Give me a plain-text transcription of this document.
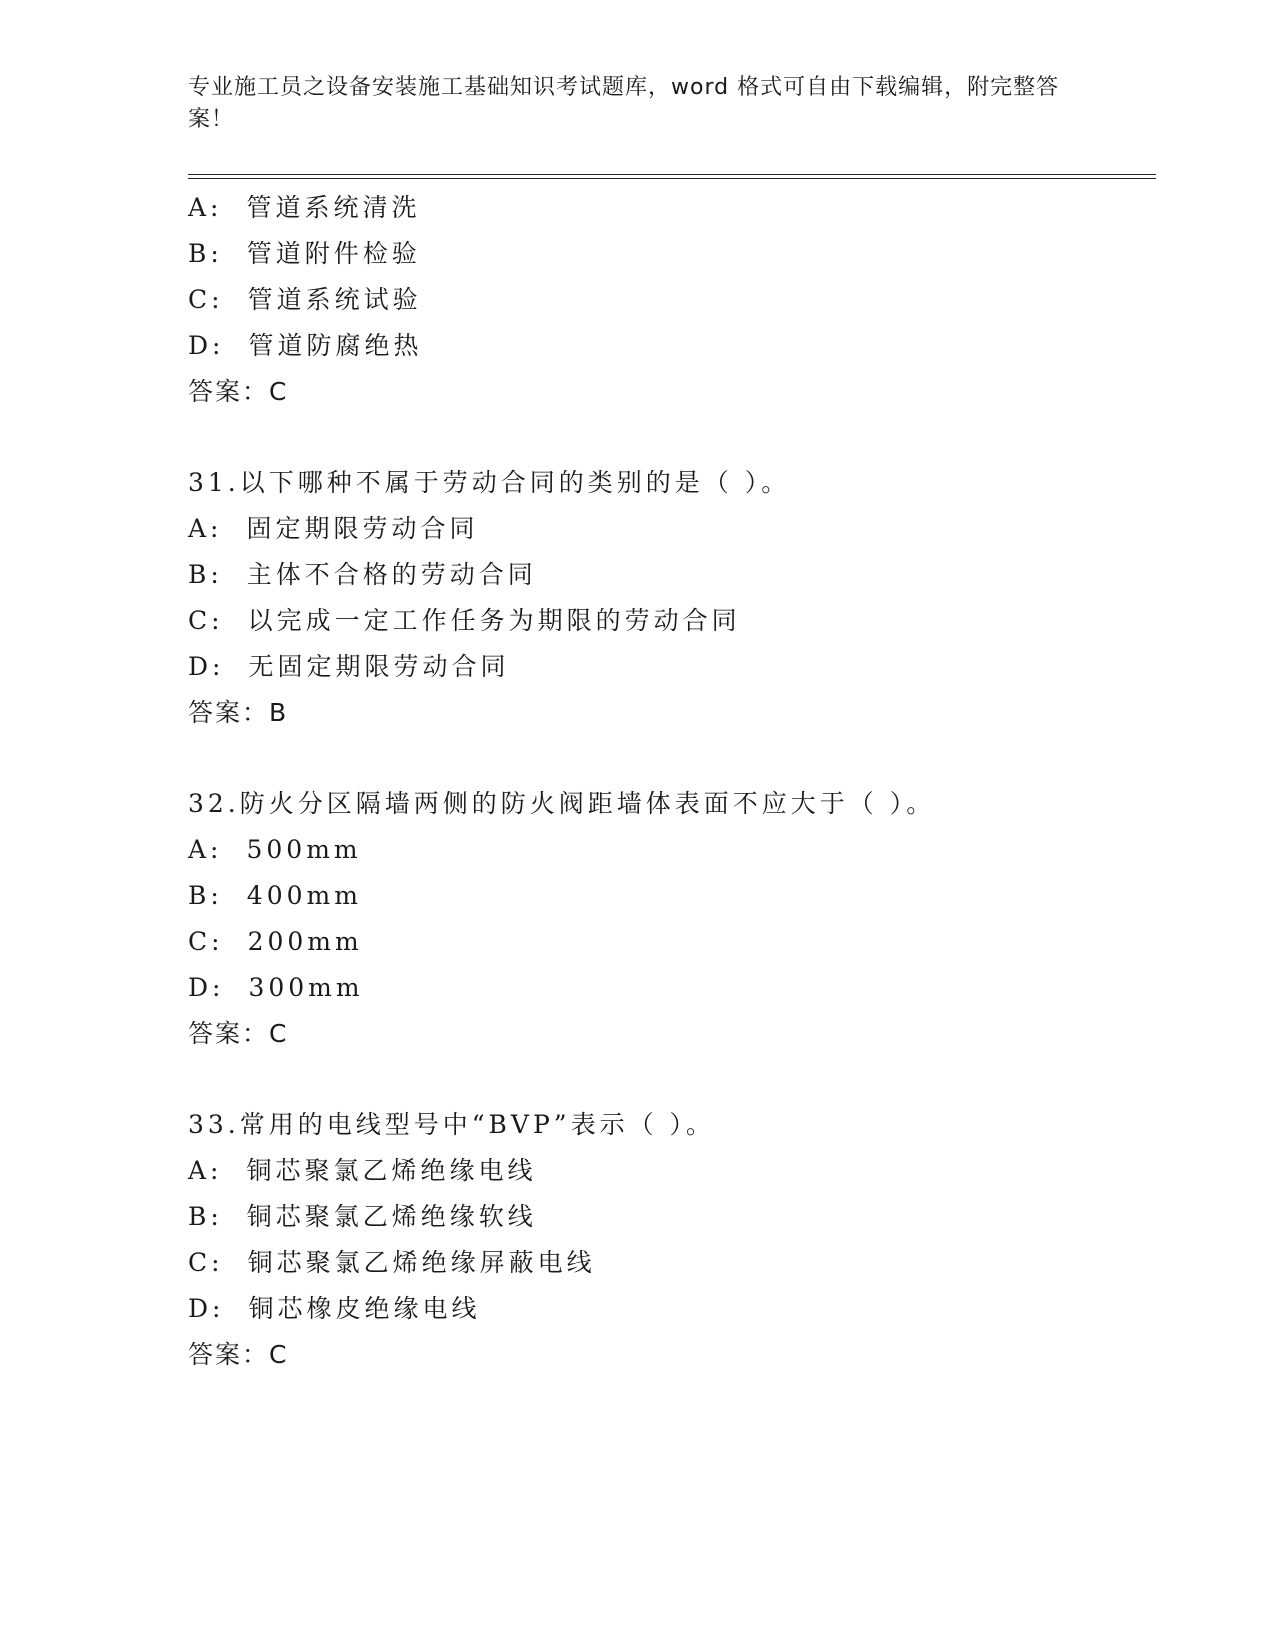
专业施工员之设备安装施工基础知识考试题库，word 格式可自由下载编辑，附完整答案！

A: 管道系统清洗
B: 管道附件检验
C: 管道系统试验
D: 管道防腐绝热
答案：C
31.以下哪种不属于劳动合同的类别的是（ ）。
A: 固定期限劳动合同
B: 主体不合格的劳动合同
C: 以完成一定工作任务为期限的劳动合同
D: 无固定期限劳动合同
答案：B
32.防火分区隔墙两侧的防火阀距墙体表面不应大于（ ）。
A: 500mm
B: 400mm
C: 200mm
D: 300mm
答案：C
33.常用的电线型号中“BVP”表示（ ）。
A: 铜芯聚氯乙烯绝缘电线
B: 铜芯聚氯乙烯绝缘软线
C: 铜芯聚氯乙烯绝缘屏蔽电线
D: 铜芯橡皮绝缘电线
答案：C
